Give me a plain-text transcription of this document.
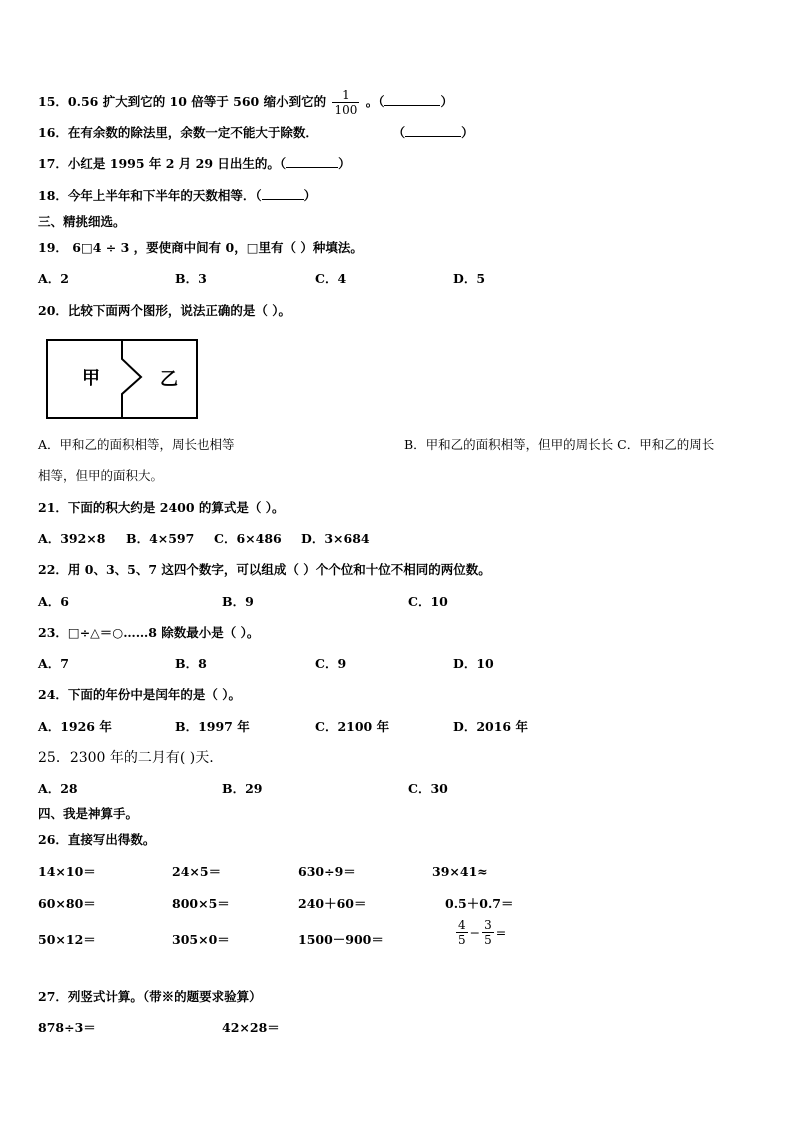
15．0.56 扩大到它的 10 倍等于 560 缩小到它的 $\frac{1}{100}$ 。（	）
16．在有余数的除法里，余数一定不能大于除数．	（	）
17．小红是 1995 年 2 月 29 日出生的。（	）
18．今年上半年和下半年的天数相等．（	）
三、精挑细选。
19． 6□4 ÷ 3 ，要使商中间有 0，□里有（ ）种填法。
A．2	B．3	C．4	D．5
20．比较下面两个图形，说法正确的是（ ）。
甲	乙
A．甲和乙的面积相等，周长也相等	B．甲和乙的面积相等，但甲的周长长 C．甲和乙的周长
相等，但甲的面积大。
21．下面的积大约是 2400 的算式是（ ）。
A．392×8 B．4×597 C．6×486 D．3×684
22．用 0、3、5、7 这四个数字，可以组成（ ）个个位和十位不相同的两位数。
A．6	B．9	C．10
23．□÷△＝○……8 除数最小是（ ）。
A．7	B．8	C．9	D．10
24．下面的年份中是闰年的是（ ）。
A．1926 年	B．1997 年	C．2100 年	D．2016 年
25．2300 年的二月有( )天.
A．28	B．29	C．30
四、我是神算手。
26．直接写出得数。
14×10＝	24×5＝	630÷9＝	39×41≈
60×80＝	800×5＝	240＋60＝	0.5＋0.7＝
50×12＝	305×0＝	1500－900＝	$\frac{4}{5} - \frac{3}{5}$ =
27．列竖式计算。（带※的题要求验算）
878÷3＝	42×28＝
